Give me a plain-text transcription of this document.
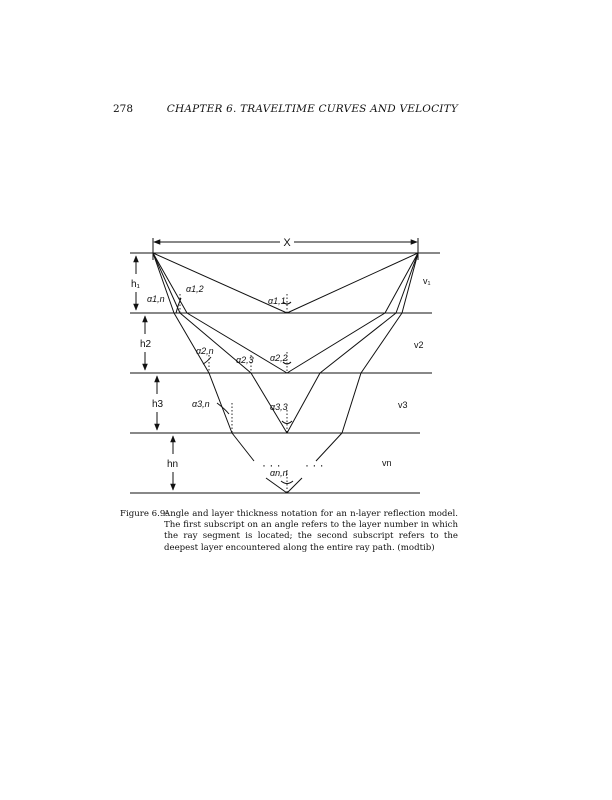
278	CHAPTER 6. TRAVELTIME CURVES AND VELOCITY
X
h₁
h2
h3
hn
v₁
v2
v3
vn
· · · · · ·
α1,2
α1,n	α1,1
α2,n
α2,3 α2,2
α3,n	α3,3
αn,n
Figure 6.9:
Angle and layer thickness notation for an n-layer reflection model. The first subscript on an angle refers to the layer number in which the ray segment is located; the second subscript refers to the deepest layer encountered along the entire ray path. (modtib)
